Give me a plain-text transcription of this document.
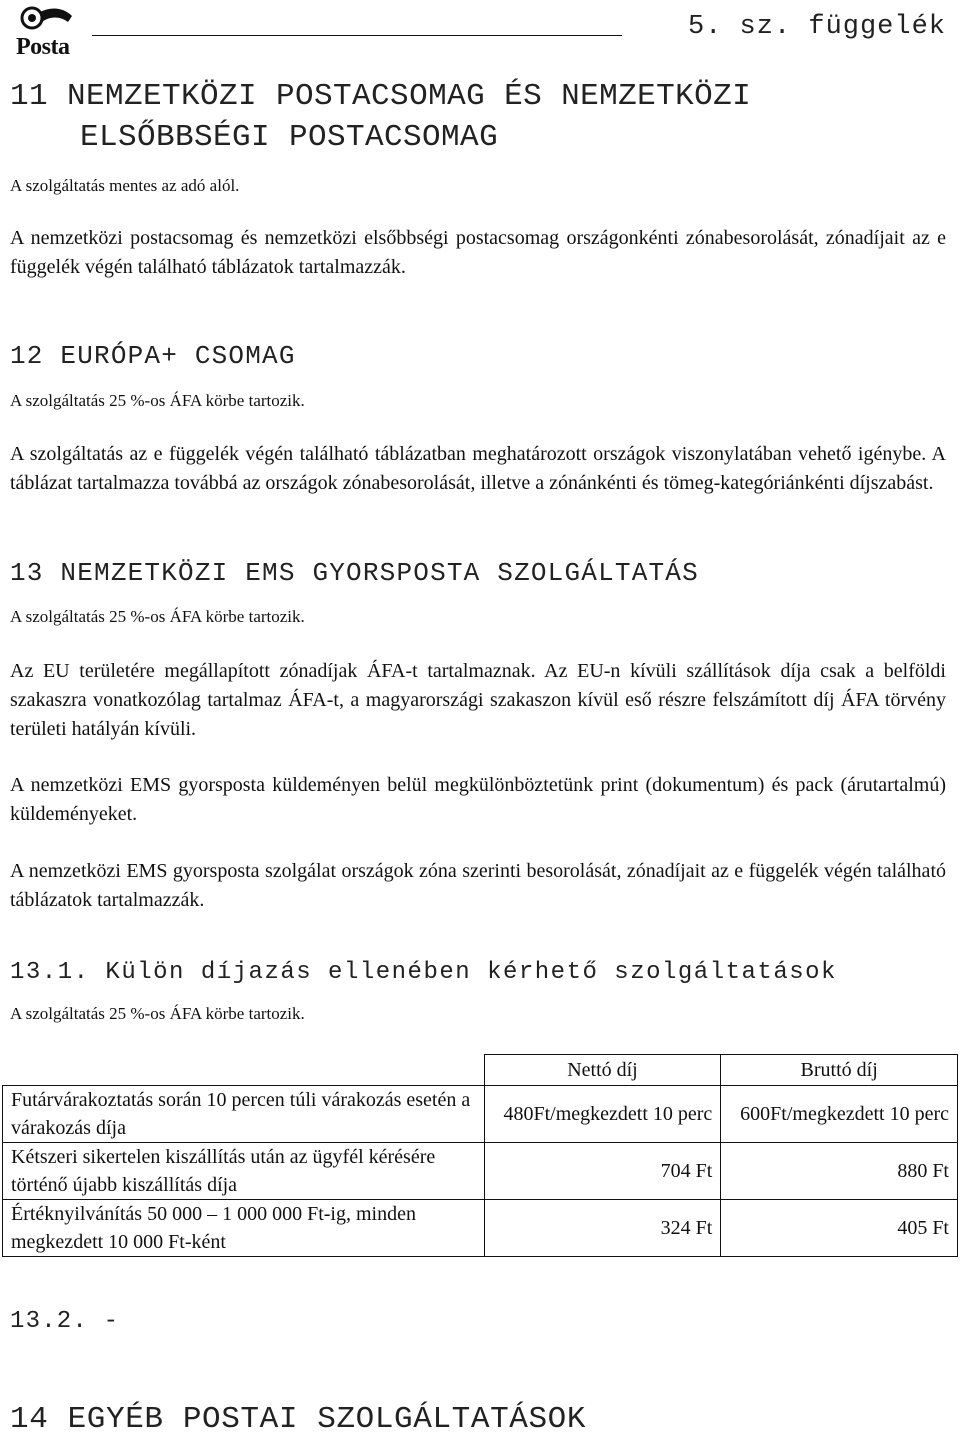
Posta
5. sz. függelék
11 NEMZETKÖZI POSTACSOMAG ÉS NEMZETKÖZI
ELSŐBBSÉGI POSTACSOMAG

A szolgáltatás mentes az adó alól.

A nemzetközi postacsomag és nemzetközi elsőbbségi postacsomag országonkénti zónabesorolását, zónadíjait az e függelék végén található táblázatok tartalmazzák.

12 EURÓPA+ CSOMAG

A szolgáltatás 25 %-os ÁFA körbe tartozik.

A szolgáltatás az e függelék végén található táblázatban meghatározott országok viszonylatában vehető igénybe. A táblázat tartalmazza továbbá az országok zónabesorolását, illetve a zónánkénti és tömeg-kategóriánkénti díjszabást.

13 NEMZETKÖZI EMS GYORSPOSTA SZOLGÁLTATÁS

A szolgáltatás 25 %-os ÁFA körbe tartozik.

Az EU területére megállapított zónadíjak ÁFA-t tartalmaznak. Az EU-n kívüli szállítások díja csak a belföldi szakaszra vonatkozólag tartalmaz ÁFA-t, a magyarországi szakaszon kívül eső részre felszámított díj ÁFA törvény területi hatályán kívüli.

A nemzetközi EMS gyorsposta küldeményen belül megkülönböztetünk print (dokumentum) és pack (árutartalmú) küldeményeket.

A nemzetközi EMS gyorsposta szolgálat országok zóna szerinti besorolását, zónadíjait az e függelék végén található táblázatok tartalmazzák.

13.1. Külön díjazás ellenében kérhető szolgáltatások

A szolgáltatás 25 %-os ÁFA körbe tartozik.

	Nettó díj	Bruttó díj
Futárvárakoztatás során 10 percen túli várakozás esetén a várakozás díja	480Ft/megkezdett 10 perc	600Ft/megkezdett 10 perc
Kétszeri sikertelen kiszállítás után az ügyfél kérésére történő újabb kiszállítás díja	704 Ft	880 Ft
Értéknyilvánítás 50 000 – 1 000 000 Ft-ig, minden megkezdett 10 000 Ft-ként	324 Ft	405 Ft
13.2. -
14 EGYÉB POSTAI SZOLGÁLTATÁSOK
